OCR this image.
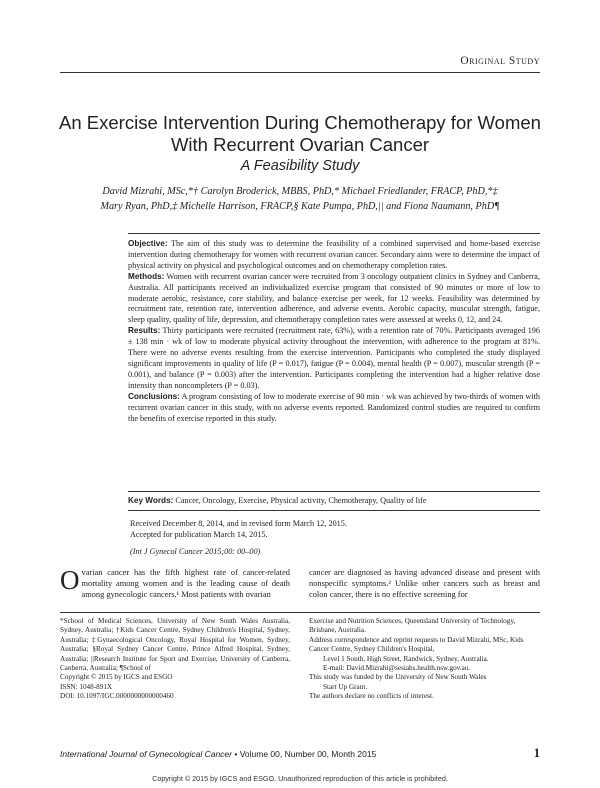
Original Study
An Exercise Intervention During Chemotherapy for Women With Recurrent Ovarian Cancer
A Feasibility Study
David Mizrahi, MSc,*† Carolyn Broderick, MBBS, PhD,* Michael Friedlander, FRACP, PhD,*‡
Mary Ryan, PhD,‡ Michelle Harrison, FRACP,§ Kate Pumpa, PhD,|| and Fiona Naumann, PhD¶

Objective: The aim of this study was to determine the feasibility of a combined supervised and home-based exercise intervention during chemotherapy for women with recurrent ovarian cancer. Secondary aims were to determine the impact of physical activity on physical and psychological outcomes and on chemotherapy completion rates.

Methods: Women with recurrent ovarian cancer were recruited from 3 oncology outpatient clinics in Sydney and Canberra, Australia. All participants received an individualized exercise program that consisted of 90 minutes or more of low to moderate aerobic, resistance, core stability, and balance exercise per week, for 12 weeks. Feasibility was determined by recruitment rate, retention rate, intervention adherence, and adverse events. Aerobic capacity, muscular strength, fatigue, sleep quality, quality of life, depression, and chemotherapy completion rates were assessed at weeks 0, 12, and 24.

Results: Thirty participants were recruited (recruitment rate, 63%), with a retention rate of 70%. Participants averaged 196 ± 138 min · wk of low to moderate physical activity throughout the intervention, with adherence to the program at 81%. There were no adverse events resulting from the exercise intervention. Participants who completed the study displayed significant improvements in quality of life (P = 0.017), fatigue (P = 0.004), mental health (P = 0.007), muscular strength (P = 0.001), and balance (P = 0.003) after the intervention. Participants completing the intervention had a higher relative dose intensity than noncompleters (P = 0.03).

Conclusions: A program consisting of low to moderate exercise of 90 min · wk was achieved by two-thirds of women with recurrent ovarian cancer in this study, with no adverse events reported. Randomized control studies are required to confirm the benefits of exercise reported in this study.

Key Words: Cancer, Oncology, Exercise, Physical activity, Chemotherapy, Quality of life

Received December 8, 2014, and in revised form March 12, 2015.

Accepted for publication March 14, 2015.

(Int J Gynecol Cancer 2015;00: 00–00)
Ovarian cancer has the fifth highest rate of cancer-related mortality among women and is the leading cause of death among gynecologic cancers.¹ Most patients with ovarian
cancer are diagnosed as having advanced disease and present with nonspecific symptoms.² Unlike other cancers such as breast and colon cancer, there is no effective screening for

*School of Medical Sciences, University of New South Wales Australia, Sydney, Australia; †Kids Cancer Centre, Sydney Children's Hospital, Sydney, Australia; ‡Gynaecological Oncology, Royal Hospital for Women, Sydney, Australia; §Royal Sydney Cancer Centre, Prince Alfred Hospital, Sydney, Australia; ||Research Institute for Sport and Exercise, University of Canberra, Canberra, Australia; ¶School of

Copyright © 2015 by IGCS and ESGO

ISSN: 1048-891X

DOI: 10.1097/IGC.0000000000000460

Exercise and Nutrition Sciences, Queensland University of Technology, Brisbane, Australia.

Address correspondence and reprint requests to David Mizrahi, MSc, Kids Cancer Centre, Sydney Children's Hospital,

Level 1 South, High Street, Randwick, Sydney, Australia.

E-mail: David.Mizrahi@sesiahs.health.nsw.gov.au.

This study was funded by the University of New South Wales

Start Up Grant.

The authors declare no conflicts of interest.

International Journal of Gynecological Cancer • Volume 00, Number 00, Month 2015	1
Copyright © 2015 by IGCS and ESGO. Unauthorized reproduction of this article is prohibited.
